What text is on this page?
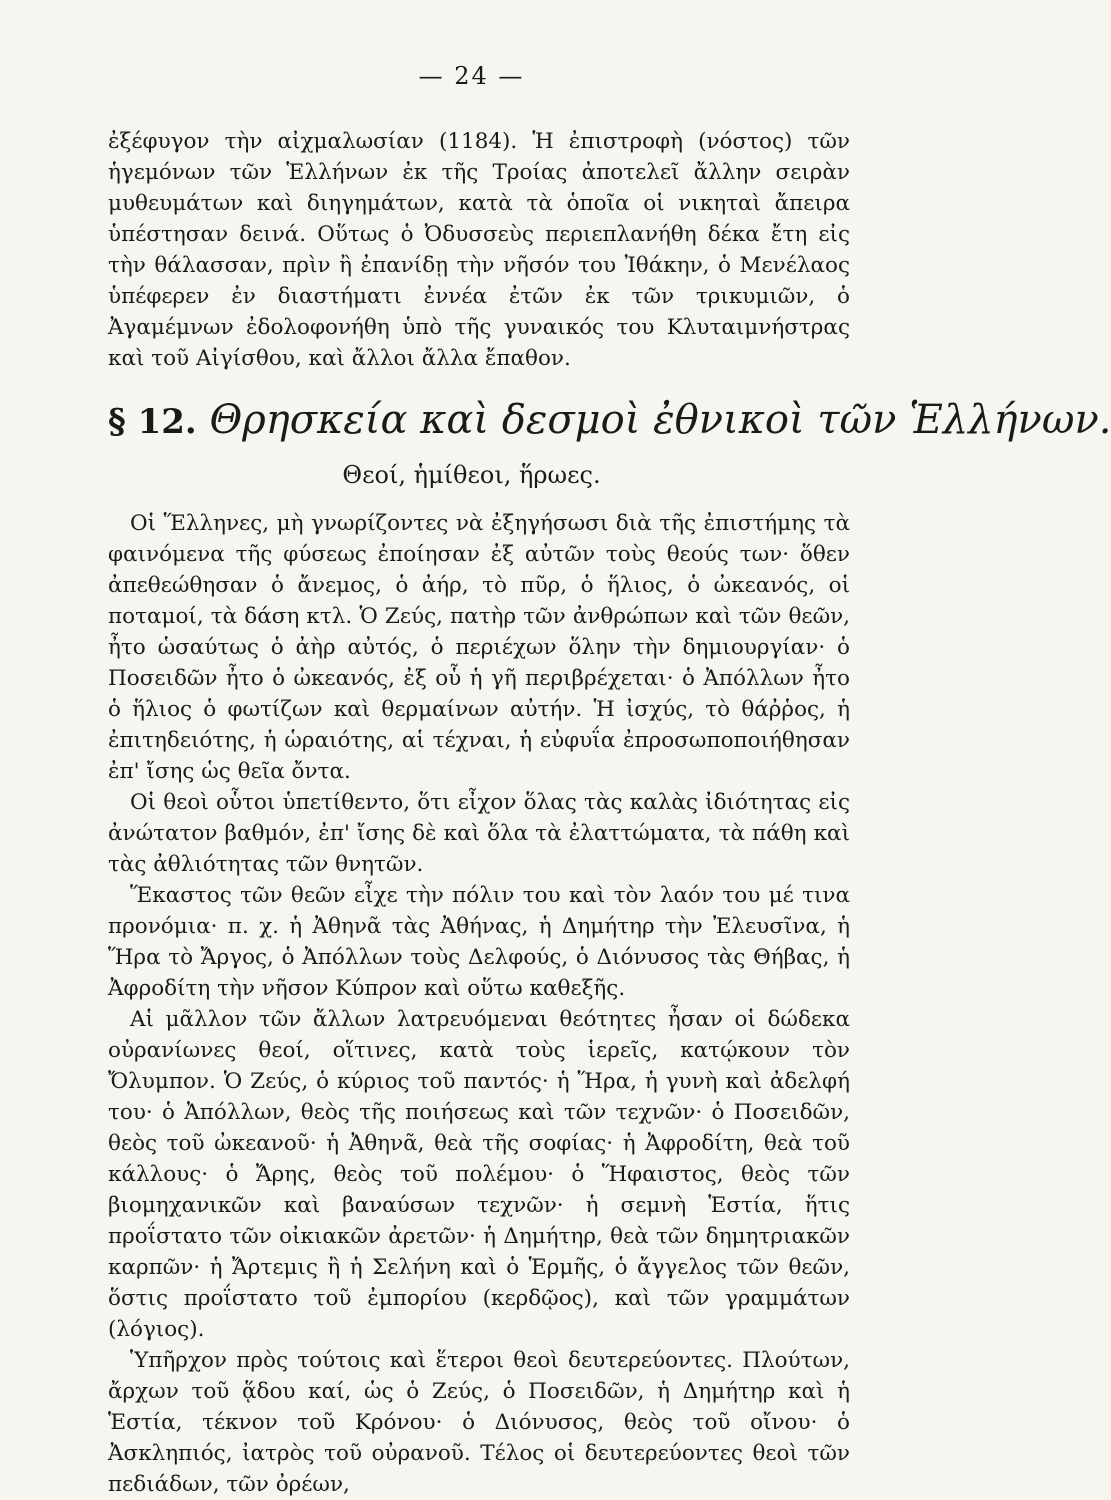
— 24 —
ἐξέφυγον τὴν αἰχμαλωσίαν (1184). Ἡ ἐπιστροφὴ (νόστος) τῶν ἡγεμόνων τῶν Ἑλλήνων ἐκ τῆς Τροίας ἀποτελεῖ ἄλλην σειρὰν μυθευμάτων καὶ διηγημάτων, κατὰ τὰ ὁποῖα οἱ νικηταὶ ἄπειρα ὑπέστησαν δεινά. Οὕτως ὁ Ὀδυσσεὺς περιεπλανήθη δέκα ἔτη εἰς τὴν θάλασσαν, πρὶν ἢ ἐπανίδῃ τὴν νῆσόν του Ἰθάκην, ὁ Μενέλαος ὑπέφερεν ἐν διαστήματι ἐννέα ἐτῶν ἐκ τῶν τρικυμιῶν, ὁ Ἀγαμέμνων ἐδολοφονήθη ὑπὸ τῆς γυναικός του Κλυταιμνήστρας καὶ τοῦ Αἰγίσθου, καὶ ἄλλοι ἄλλα ἔπαθον.
§ 12. Θρησκεία καὶ δεσμοὶ ἐθνικοὶ τῶν Ἑλλήνων.
Θεοί, ἡμίθεοι, ἥρωες.

Οἱ Ἕλληνες, μὴ γνωρίζοντες νὰ ἐξηγήσωσι διὰ τῆς ἐπιστήμης τὰ φαινόμενα τῆς φύσεως ἐποίησαν ἐξ αὐτῶν τοὺς θεούς των· ὅθεν ἀπεθεώθησαν ὁ ἄνεμος, ὁ ἀήρ, τὸ πῦρ, ὁ ἥλιος, ὁ ὠκεανός, οἱ ποταμοί, τὰ δάση κτλ. Ὁ Ζεύς, πατὴρ τῶν ἀνθρώπων καὶ τῶν θεῶν, ἦτο ὡσαύτως ὁ ἀὴρ αὐτός, ὁ περιέχων ὅλην τὴν δημιουργίαν· ὁ Ποσειδῶν ἦτο ὁ ὠκεανός, ἐξ οὗ ἡ γῆ περιβρέχεται· ὁ Ἀπόλλων ἦτο ὁ ἥλιος ὁ φωτίζων καὶ θερμαίνων αὐτήν. Ἡ ἰσχύς, τὸ θάῤῥος, ἡ ἐπιτηδειότης, ἡ ὡραιότης, αἱ τέχναι, ἡ εὐφυΐα ἐπροσωποποιήθησαν ἐπ' ἴσης ὡς θεῖα ὄντα.

Οἱ θεοὶ οὗτοι ὑπετίθεντο, ὅτι εἶχον ὅλας τὰς καλὰς ἰδιότητας εἰς ἀνώτατον βαθμόν, ἐπ' ἴσης δὲ καὶ ὅλα τὰ ἐλαττώματα, τὰ πάθη καὶ τὰς ἀθλιότητας τῶν θνητῶν.

Ἕκαστος τῶν θεῶν εἶχε τὴν πόλιν του καὶ τὸν λαόν του μέ τινα προνόμια· π. χ. ἡ Ἀθηνᾶ τὰς Ἀθήνας, ἡ Δημήτηρ τὴν Ἐλευσῖνα, ἡ Ἥρα τὸ Ἄργος, ὁ Ἀπόλλων τοὺς Δελφούς, ὁ Διόνυσος τὰς Θήβας, ἡ Ἀφροδίτη τὴν νῆσον Κύπρον καὶ οὕτω καθεξῆς.

Αἱ μᾶλλον τῶν ἄλλων λατρευόμεναι θεότητες ἦσαν οἱ δώδεκα οὐρανίωνες θεοί, οἵτινες, κατὰ τοὺς ἱερεῖς, κατῴκουν τὸν Ὄλυμπον. Ὁ Ζεύς, ὁ κύριος τοῦ παντός· ἡ Ἥρα, ἡ γυνὴ καὶ ἀδελφή του· ὁ Ἀπόλλων, θεὸς τῆς ποιήσεως καὶ τῶν τεχνῶν· ὁ Ποσειδῶν, θεὸς τοῦ ὠκεανοῦ· ἡ Ἀθηνᾶ, θεὰ τῆς σοφίας· ἡ Ἀφροδίτη, θεὰ τοῦ κάλλους· ὁ Ἄρης, θεὸς τοῦ πολέμου· ὁ Ἥφαιστος, θεὸς τῶν βιομηχανικῶν καὶ βαναύσων τεχνῶν· ἡ σεμνὴ Ἑστία, ἥτις προΐστατο τῶν οἰκιακῶν ἀρετῶν· ἡ Δημήτηρ, θεὰ τῶν δημητριακῶν καρπῶν· ἡ Ἄρτεμις ἢ ἡ Σελήνη καὶ ὁ Ἑρμῆς, ὁ ἄγγελος τῶν θεῶν, ὅστις προΐστατο τοῦ ἐμπορίου (κερδῷος), καὶ τῶν γραμμάτων (λόγιος).

Ὑπῆρχον πρὸς τούτοις καὶ ἕτεροι θεοὶ δευτερεύοντες. Πλούτων, ἄρχων τοῦ ᾅδου καί, ὡς ὁ Ζεύς, ὁ Ποσειδῶν, ἡ Δημήτηρ καὶ ἡ Ἑστία, τέκνον τοῦ Κρόνου· ὁ Διόνυσος, θεὸς τοῦ οἴνου· ὁ Ἀσκληπιός, ἰατρὸς τοῦ οὐρανοῦ. Τέλος οἱ δευτερεύοντες θεοὶ τῶν πεδιάδων, τῶν ὀρέων,
